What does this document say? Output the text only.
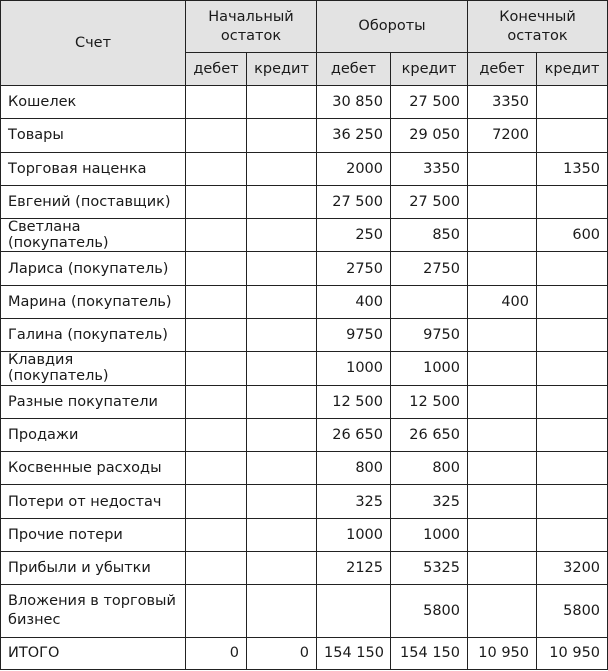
Счет	Начальный остаток		Обороты		Конечный остаток	
	дебет	кредит	дебет	кредит	дебет	кредит
Кошелек			30 850	27 500	3350	
Товары			36 250	29 050	7200	
Торговая наценка			2000	3350		1350
Евгений (поставщик)			27 500	27 500		
Светлана (покупатель)			250	850		600
Лариса (покупатель)			2750	2750		
Марина (покупатель)			400		400	
Галина (покупатель)			9750	9750		
Клавдия (покупатель)			1000	1000		
Разные покупатели			12 500	12 500		
Продажи			26 650	26 650		
Косвенные расходы			800	800		
Потери от недостач			325	325		
Прочие потери			1000	1000		
Прибыли и убытки			2125	5325		3200
Вложения в торговый бизнес				5800		5800
ИТОГО	0	0	154 150	154 150	10 950	10 950
